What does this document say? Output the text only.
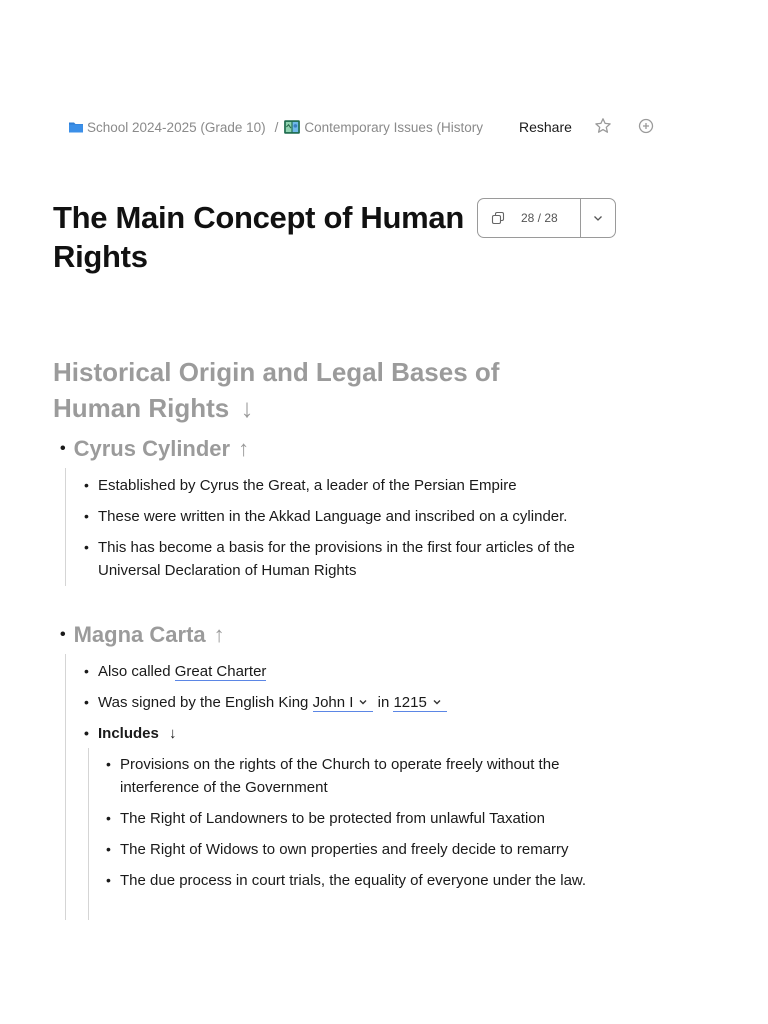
School 2024-2025 (Grade 10) / Contemporary Issues (History	Reshare
The Main Concept of Human Rights
28 / 28
Historical Origin and Legal Bases of Human Rights ↓
• Cyrus Cylinder ↑
• Established by Cyrus the Great, a leader of the Persian Empire
• These were written in the Akkad Language and inscribed on a cylinder.
• This has become a basis for the provisions in the first four articles of the Universal Declaration of Human Rights
• Magna Carta ↑
• Also called Great Charter
• Was signed by the English King John I in 1215
• Includes ↓
• Provisions on the rights of the Church to operate freely without the interference of the Government
• The Right of Landowners to be protected from unlawful Taxation
• The Right of Widows to own properties and freely decide to remarry
• The due process in court trials, the equality of everyone under the law.
